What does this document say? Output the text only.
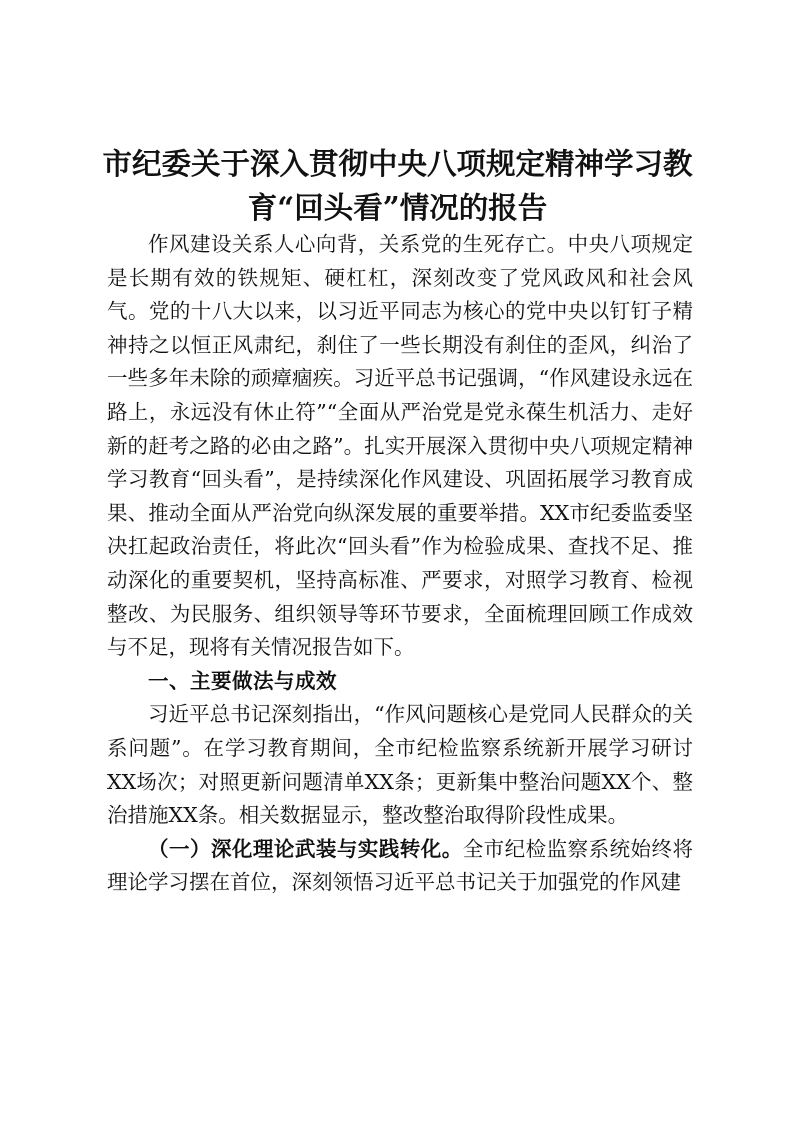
市纪委关于深入贯彻中央八项规定精神学习教
育“回头看”情况的报告

作风建设关系人心向背，关系党的生死存亡。中央八项规定是长期有效的铁规矩、硬杠杠，深刻改变了党风政风和社会风气。党的十八大以来，以习近平同志为核心的党中央以钉钉子精神持之以恒正风肃纪，刹住了一些长期没有刹住的歪风，纠治了一些多年未除的顽瘴痼疾。习近平总书记强调，“作风建设永远在路上，永远没有休止符”“全面从严治党是党永葆生机活力、走好新的赶考之路的必由之路”。扎实开展深入贯彻中央八项规定精神学习教育“回头看”，是持续深化作风建设、巩固拓展学习教育成果、推动全面从严治党向纵深发展的重要举措。XX市纪委监委坚决扛起政治责任，将此次“回头看”作为检验成果、查找不足、推动深化的重要契机，坚持高标准、严要求，对照学习教育、检视整改、为民服务、组织领导等环节要求，全面梳理回顾工作成效与不足，现将有关情况报告如下。

一、主要做法与成效

习近平总书记深刻指出，“作风问题核心是党同人民群众的关系问题”。在学习教育期间，全市纪检监察系统新开展学习研讨XX场次；对照更新问题清单XX条；更新集中整治问题XX个、整治措施XX条。相关数据显示，整改整治取得阶段性成果。

（一）深化理论武装与实践转化。全市纪检监察系统始终将理论学习摆在首位，深刻领悟习近平总书记关于加强党的作风建
